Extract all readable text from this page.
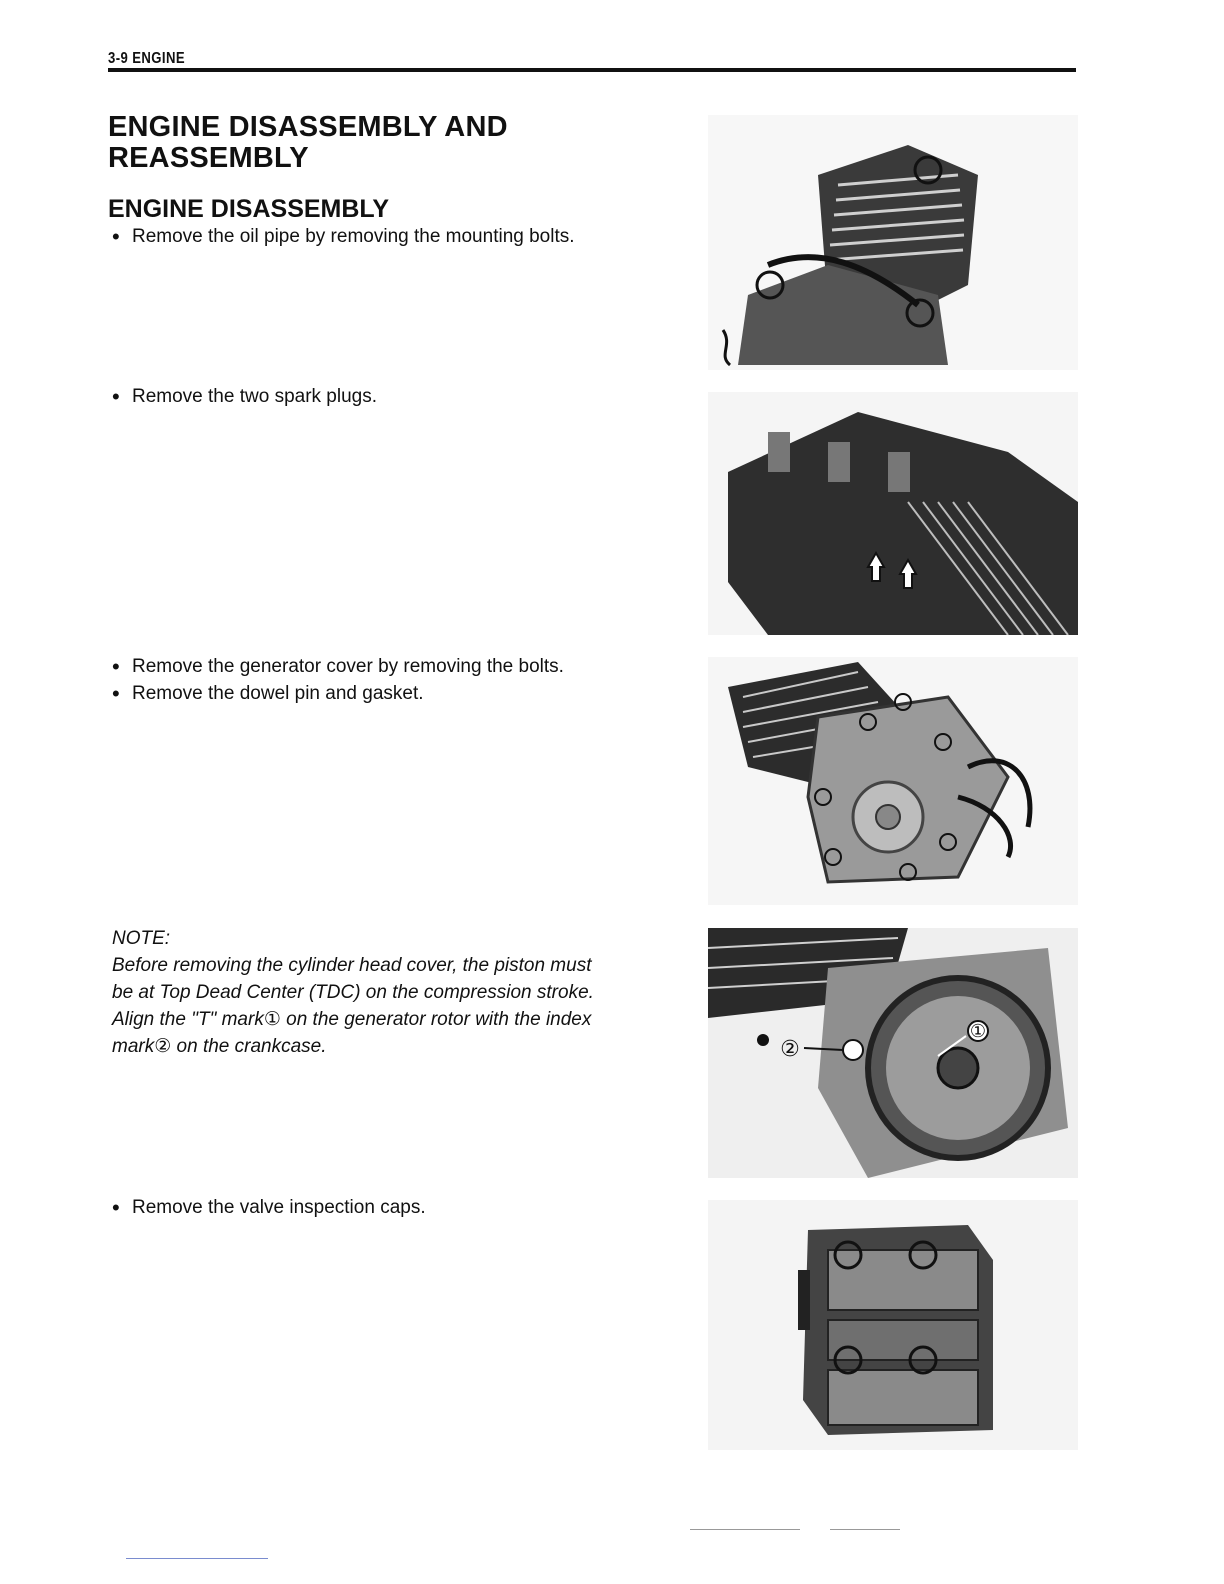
3-9 ENGINE
ENGINE DISASSEMBLY AND
REASSEMBLY
ENGINE DISASSEMBLY

• Remove the oil pipe by removing the mounting bolts.

• Remove the two spark plugs.

• Remove the generator cover by removing the bolts.

• Remove the dowel pin and gasket.

• Remove the valve inspection caps.

NOTE:

Before removing the cylinder head cover, the piston must

be at Top Dead Center (TDC) on the compression stroke.

Align the "T" mark① on the generator rotor with the index

mark② on the crankcase.

①
②
